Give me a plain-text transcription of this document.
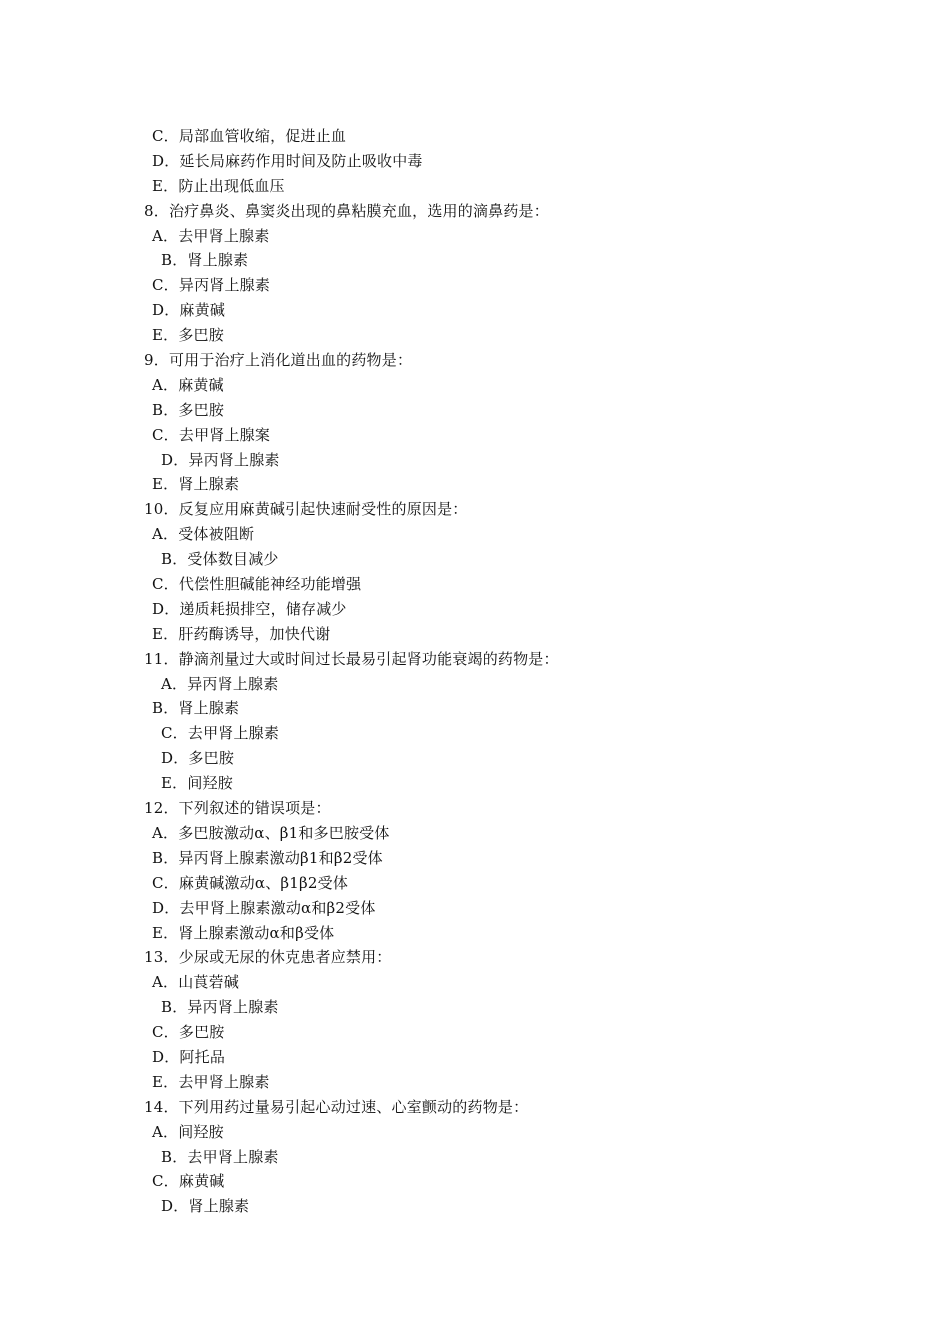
C．局部血管收缩，促进止血
D．延长局麻药作用时间及防止吸收中毒
E．防止出现低血压
8．治疗鼻炎、鼻窦炎出现的鼻粘膜充血，选用的滴鼻药是：
A．去甲肾上腺素
B．肾上腺素
C．异丙肾上腺素
D．麻黄碱
E．多巴胺
9．可用于治疗上消化道出血的药物是：
A．麻黄碱
B．多巴胺
C．去甲肾上腺案
D．异丙肾上腺素
E．肾上腺素
10．反复应用麻黄碱引起快速耐受性的原因是：
A．受体被阻断
B．受体数目减少
C．代偿性胆碱能神经功能增强
D．递质耗损排空，储存减少
E．肝药酶诱导，加快代谢
11．静滴剂量过大或时间过长最易引起肾功能衰竭的药物是：
A．异丙肾上腺素
B．肾上腺素
C．去甲肾上腺素
D．多巴胺
E．间羟胺
12．下列叙述的错误项是：
A．多巴胺激动α、β1和多巴胺受体
B．异丙肾上腺素激动β1和β2受体
C．麻黄碱激动α、β1β2受体
D．去甲肾上腺素激动α和β2受体
E．肾上腺素激动α和β受体
13．少尿或无尿的休克患者应禁用：
A．山莨菪碱
B．异丙肾上腺素
C．多巴胺
D．阿托品
E．去甲肾上腺素
14．下列用药过量易引起心动过速、心室颤动的药物是：
A．间羟胺
B．去甲肾上腺素
C．麻黄碱
D．肾上腺素
